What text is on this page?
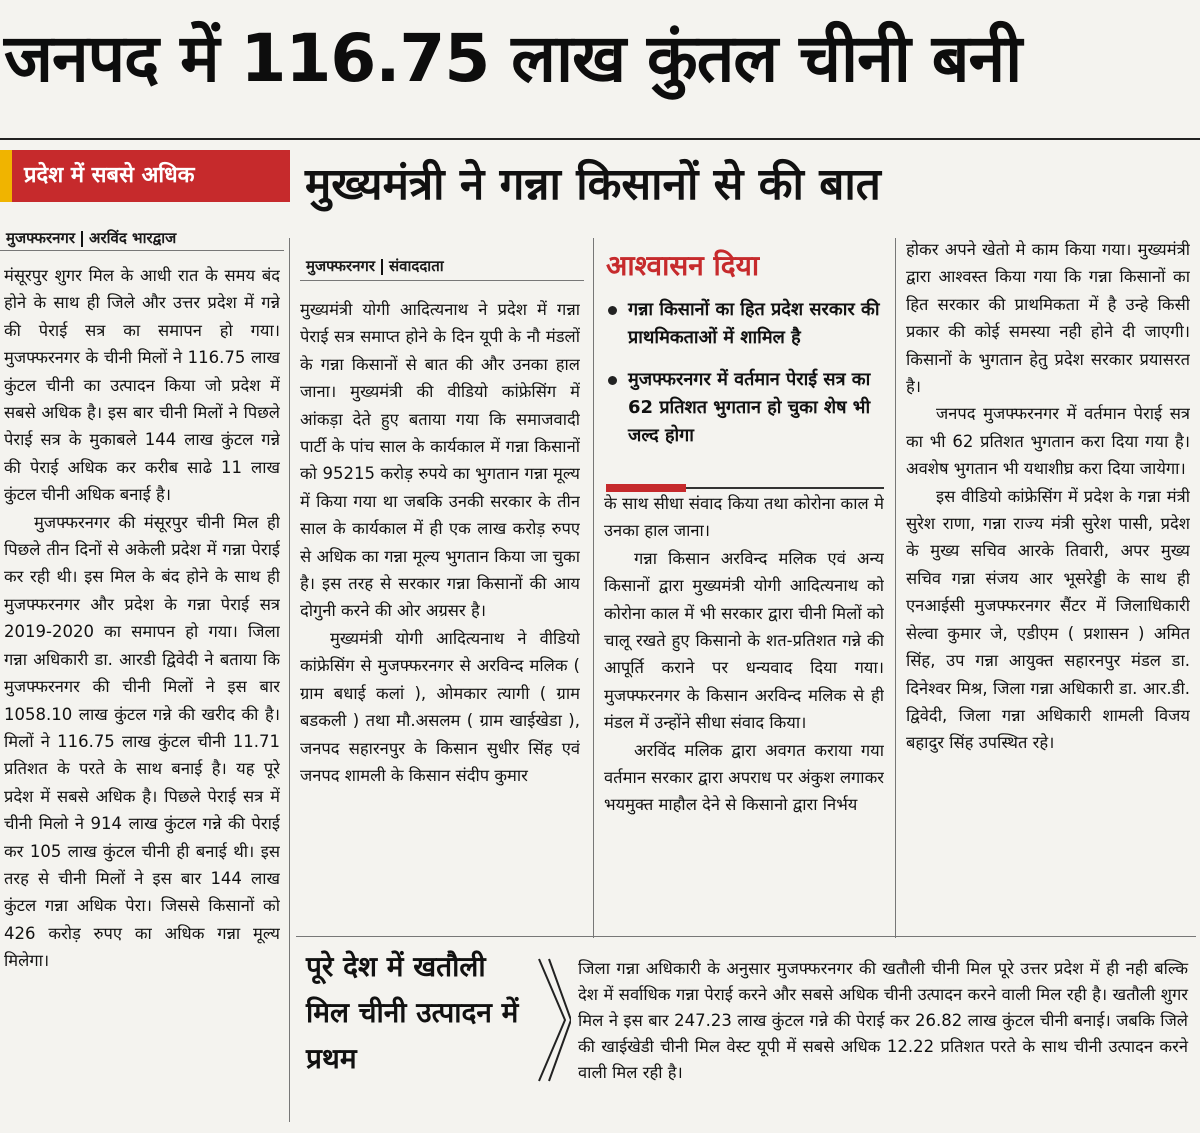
जनपद में 116.75 लाख कुंतल चीनी बनी
प्रदेश में सबसे अधिक	मुख्यमंत्री ने गन्ना किसानों से की बात
मुजफ्फरनगर अरविंद भारद्वाज
मुजफ्फरनगर संवाददाता

मंसूरपुर शुगर मिल के आधी रात के समय बंद होने के साथ ही जिले और उत्तर प्रदेश में गन्ने की पेराई सत्र का समापन हो गया। मुजफ्फरनगर के चीनी मिलों ने 116.75 लाख कुंटल चीनी का उत्पादन किया जो प्रदेश में सबसे अधिक है। इस बार चीनी मिलों ने पिछले पेराई सत्र के मुकाबले 144 लाख कुंटल गन्ने की पेराई अधिक कर करीब साढे 11 लाख कुंटल चीनी अधिक बनाई है।

मुजफ्फरनगर की मंसूरपुर चीनी मिल ही पिछले तीन दिनों से अकेली प्रदेश में गन्ना पेराई कर रही थी। इस मिल के बंद होने के साथ ही मुजफ्फरनगर और प्रदेश के गन्ना पेराई सत्र 2019-2020 का समापन हो गया। जिला गन्ना अधिकारी डा. आरडी द्विवेदी ने बताया कि मुजफ्फरनगर की चीनी मिलों ने इस बार 1058.10 लाख कुंटल गन्ने की खरीद की है। मिलों ने 116.75 लाख कुंटल चीनी 11.71 प्रतिशत के परते के साथ बनाई है। यह पूरे प्रदेश में सबसे अधिक है। पिछले पेराई सत्र में चीनी मिलो ने 914 लाख कुंटल गन्ने की पेराई कर 105 लाख कुंटल चीनी ही बनाई थी। इस तरह से चीनी मिलों ने इस बार 144 लाख कुंटल गन्ना अधिक पेरा। जिससे किसानों को 426 करोड़ रुपए का अधिक गन्ना मूल्य मिलेगा।

मुख्यमंत्री योगी आदित्यनाथ ने प्रदेश में गन्ना पेराई सत्र समाप्त होने के दिन यूपी के नौ मंडलों के गन्ना किसानों से बात की और उनका हाल जाना। मुख्यमंत्री की वीडियो कांफ्रेसिंग में आंकड़ा देते हुए बताया गया कि समाजवादी पार्टी के पांच साल के कार्यकाल में गन्ना किसानों को 95215 करोड़ रुपये का भुगतान गन्ना मूल्य में किया गया था जबकि उनकी सरकार के तीन साल के कार्यकाल में ही एक लाख करोड़ रुपए से अधिक का गन्ना मूल्य भुगतान किया जा चुका है। इस तरह से सरकार गन्ना किसानों की आय दोगुनी करने की ओर अग्रसर है।

मुख्यमंत्री योगी आदित्यनाथ ने वीडियो कांफ्रेसिंग से मुजफ्फरनगर से अरविन्द मलिक ( ग्राम बधाई कलां ), ओमकार त्यागी ( ग्राम बडकली ) तथा मौ.असलम ( ग्राम खाईखेडा ), जनपद सहारनपुर के किसान सुधीर सिंह एवं जनपद शामली के किसान संदीप कुमार

आश्वासन दिया
गन्ना किसानों का हित प्रदेश सरकार की प्राथमिकताओं में शामिल है
मुजफ्फरनगर में वर्तमान पेराई सत्र का 62 प्रतिशत भुगतान हो चुका शेष भी जल्द होगा

के साथ सीधा संवाद किया तथा कोरोना काल मे उनका हाल जाना।

गन्ना किसान अरविन्द मलिक एवं अन्य किसानों द्वारा मुख्यमंत्री योगी आदित्यनाथ को कोरोना काल में भी सरकार द्वारा चीनी मिलों को चालू रखते हुए किसानो के शत-प्रतिशत गन्ने की आपूर्ति कराने पर धन्यवाद दिया गया। मुजफ्फरनगर के किसान अरविन्द मलिक से ही मंडल में उन्होंने सीधा संवाद किया।

अरविंद मलिक द्वारा अवगत कराया गया वर्तमान सरकार द्वारा अपराध पर अंकुश लगाकर भयमुक्त माहौल देने से किसानो द्वारा निर्भय

होकर अपने खेतो मे काम किया गया। मुख्यमंत्री द्वारा आश्वस्त किया गया कि गन्ना किसानों का हित सरकार की प्राथमिकता में है उन्हे किसी प्रकार की कोई समस्या नही होने दी जाएगी। किसानों के भुगतान हेतु प्रदेश सरकार प्रयासरत है।

जनपद मुजफ्फरनगर में वर्तमान पेराई सत्र का भी 62 प्रतिशत भुगतान करा दिया गया है। अवशेष भुगतान भी यथाशीघ्र करा दिया जायेगा।

इस वीडियो कांफ्रेसिंग में प्रदेश के गन्ना मंत्री सुरेश राणा, गन्ना राज्य मंत्री सुरेश पासी, प्रदेश के मुख्य सचिव आरके तिवारी, अपर मुख्य सचिव गन्ना संजय आर भूसरेड्डी के साथ ही एनआईसी मुजफ्फरनगर सैंटर में जिलाधिकारी सेल्वा कुमार जे, एडीएम ( प्रशासन ) अमित सिंह, उप गन्ना आयुक्त सहारनपुर मंडल डा. दिनेश्वर मिश्र, जिला गन्ना अधिकारी डा. आर.डी. द्विवेदी, जिला गन्ना अधिकारी शामली विजय बहादुर सिंह उपस्थित रहे।

पूरे देश में खतौली मिल चीनी उत्पादन में प्रथम
जिला गन्ना अधिकारी के अनुसार मुजफ्फरनगर की खतौली चीनी मिल पूरे उत्तर प्रदेश में ही नही बल्कि देश में सर्वाधिक गन्ना पेराई करने और सबसे अधिक चीनी उत्पादन करने वाली मिल रही है। खतौली शुगर मिल ने इस बार 247.23 लाख कुंटल गन्ने की पेराई कर 26.82 लाख कुंटल चीनी बनाई। जबकि जिले की खाईखेडी चीनी मिल वेस्ट यूपी में सबसे अधिक 12.22 प्रतिशत परते के साथ चीनी उत्पादन करने वाली मिल रही है।
